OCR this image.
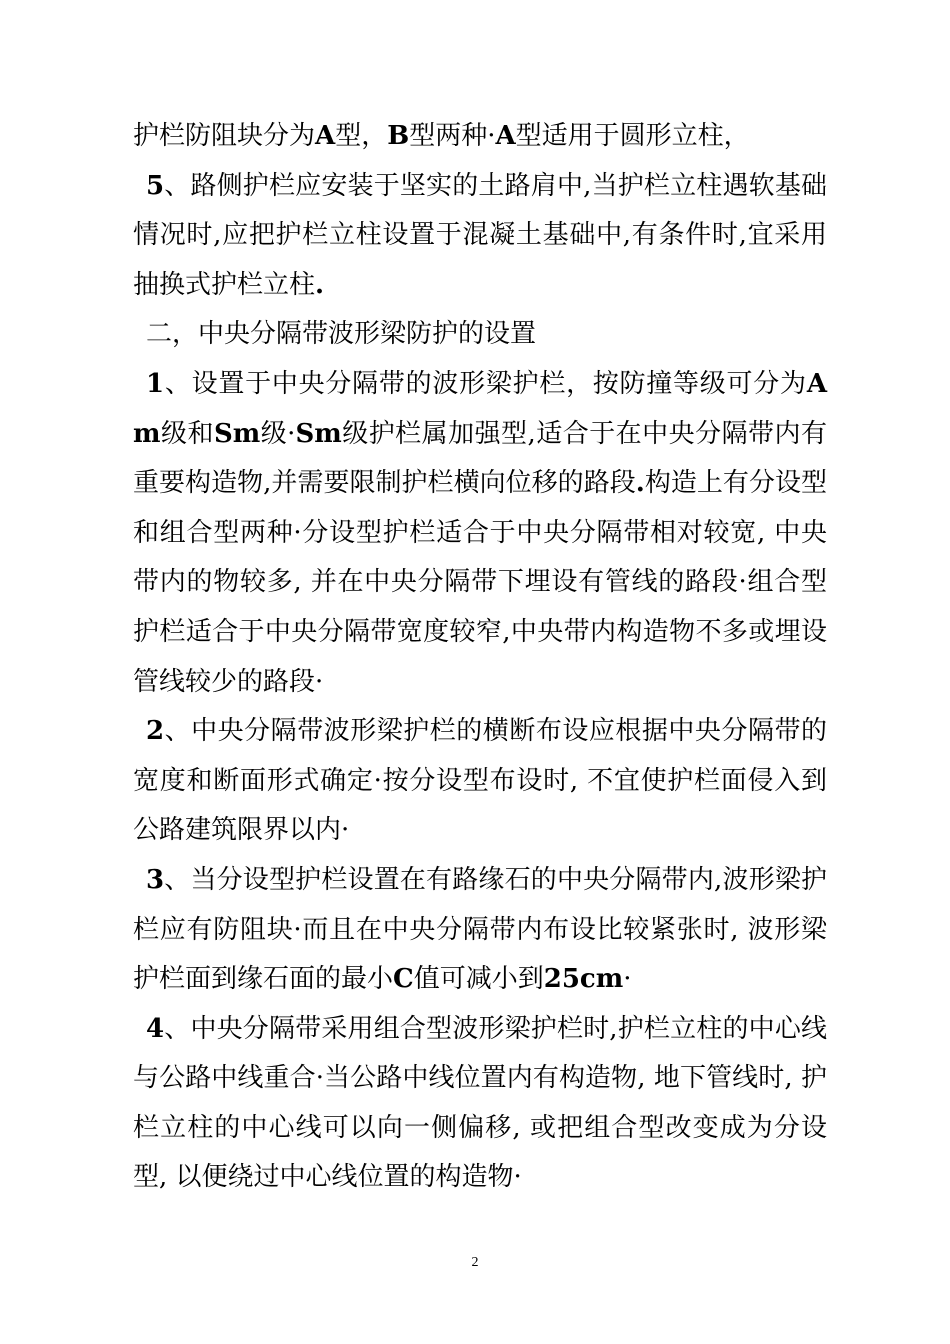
护栏防阻块分为A型，B型两种·A型适用于圆形立柱，

5、路侧护栏应安装于坚实的土路肩中,当护栏立柱遇软基础情况时,应把护栏立柱设置于混凝土基础中,有条件时,宜采用抽换式护栏立柱.

二，中央分隔带波形梁防护的设置

1、设置于中央分隔带的波形梁护栏，按防撞等级可分为Am级和Sm级·Sm级护栏属加强型,适合于在中央分隔带内有重要构造物,并需要限制护栏横向位移的路段.构造上有分设型和组合型两种·分设型护栏适合于中央分隔带相对较宽, 中央带内的物较多, 并在中央分隔带下埋设有管线的路段·组合型护栏适合于中央分隔带宽度较窄,中央带内构造物不多或埋设管线较少的路段·

2、中央分隔带波形梁护栏的横断布设应根据中央分隔带的宽度和断面形式确定·按分设型布设时, 不宜使护栏面侵入到公路建筑限界以内·

3、当分设型护栏设置在有路缘石的中央分隔带内,波形梁护栏应有防阻块·而且在中央分隔带内布设比较紧张时, 波形梁护栏面到缘石面的最小C值可减小到25cm·

4、中央分隔带采用组合型波形梁护栏时,护栏立柱的中心线与公路中线重合·当公路中线位置内有构造物, 地下管线时, 护栏立柱的中心线可以向一侧偏移, 或把组合型改变成为分设型, 以便绕过中心线位置的构造物·

2
